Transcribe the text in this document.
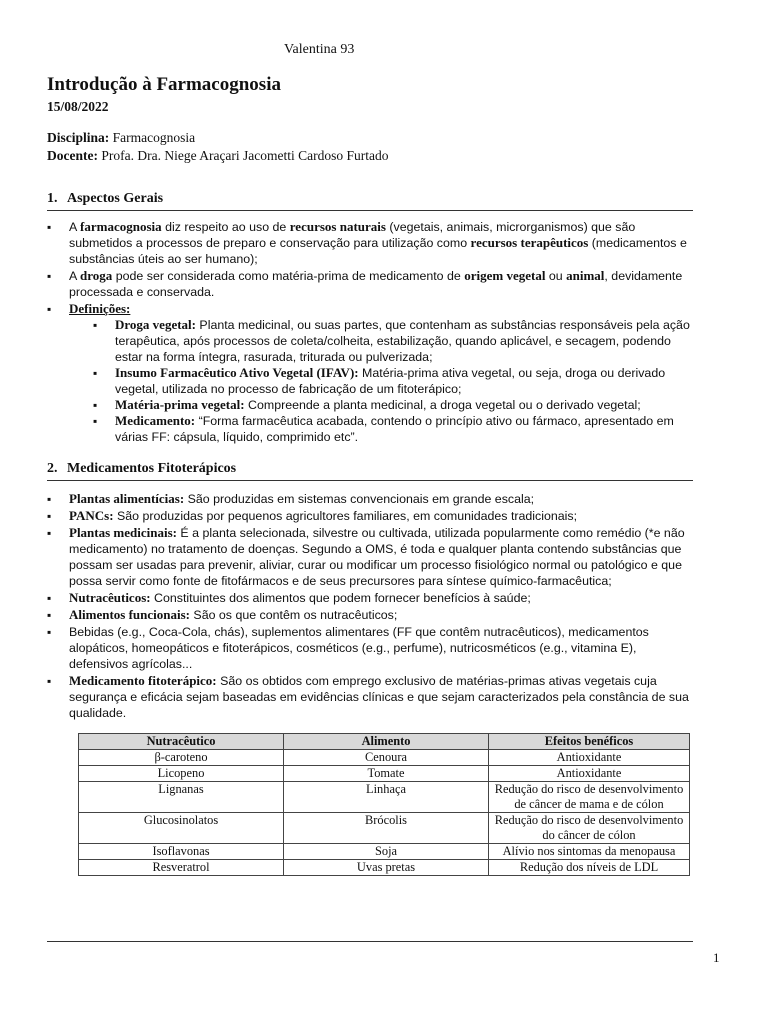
Valentina 93
Introdução à Farmacognosia
15/08/2022
Disciplina: Farmacognosia
Docente: Profa. Dra. Niege Araçari Jacometti Cardoso Furtado
1. Aspectos Gerais
▪ A farmacognosia diz respeito ao uso de recursos naturais (vegetais, animais, microrganismos) que são submetidos a processos de preparo e conservação para utilização como recursos terapêuticos (medicamentos e substâncias úteis ao ser humano);
▪ A droga pode ser considerada como matéria-prima de medicamento de origem vegetal ou animal, devidamente processada e conservada.
▪ Definições:
▪ Droga vegetal: Planta medicinal, ou suas partes, que contenham as substâncias responsáveis pela ação terapêutica, após processos de coleta/colheita, estabilização, quando aplicável, e secagem, podendo estar na forma íntegra, rasurada, triturada ou pulverizada;
▪ Insumo Farmacêutico Ativo Vegetal (IFAV): Matéria-prima ativa vegetal, ou seja, droga ou derivado vegetal, utilizada no processo de fabricação de um fitoterápico;
▪ Matéria-prima vegetal: Compreende a planta medicinal, a droga vegetal ou o derivado vegetal;
▪ Medicamento: “Forma farmacêutica acabada, contendo o princípio ativo ou fármaco, apresentado em várias FF: cápsula, líquido, comprimido etc”.
2. Medicamentos Fitoterápicos
▪ Plantas alimentícias: São produzidas em sistemas convencionais em grande escala;
▪ PANCs: São produzidas por pequenos agricultores familiares, em comunidades tradicionais;
▪ Plantas medicinais: É a planta selecionada, silvestre ou cultivada, utilizada popularmente como remédio (*e não medicamento) no tratamento de doenças. Segundo a OMS, é toda e qualquer planta contendo substâncias que possam ser usadas para prevenir, aliviar, curar ou modificar um processo fisiológico normal ou patológico e que possa servir como fonte de fitofármacos e de seus precursores para síntese químico-farmacêutica;
▪ Nutracêuticos: Constituintes dos alimentos que podem fornecer benefícios à saúde;
▪ Alimentos funcionais: São os que contêm os nutracêuticos;
▪ Bebidas (e.g., Coca-Cola, chás), suplementos alimentares (FF que contêm nutracêuticos), medicamentos alopáticos, homeopáticos e fitoterápicos, cosméticos (e.g., perfume), nutricosméticos (e.g., vitamina E), defensivos agrícolas...
▪ Medicamento fitoterápico: São os obtidos com emprego exclusivo de matérias-primas ativas vegetais cuja segurança e eficácia sejam baseadas em evidências clínicas e que sejam caracterizados pela constância de sua qualidade.
Nutracêutico	Alimento	Efeitos benéficos
β-caroteno	Cenoura	Antioxidante
Licopeno	Tomate	Antioxidante
Lignanas	Linhaça	Redução do risco de desenvolvimento de câncer de mama e de cólon
Glucosinolatos	Brócolis	Redução do risco de desenvolvimento do câncer de cólon
Isoflavonas	Soja	Alívio nos sintomas da menopausa
Resveratrol	Uvas pretas	Redução dos níveis de LDL
1
